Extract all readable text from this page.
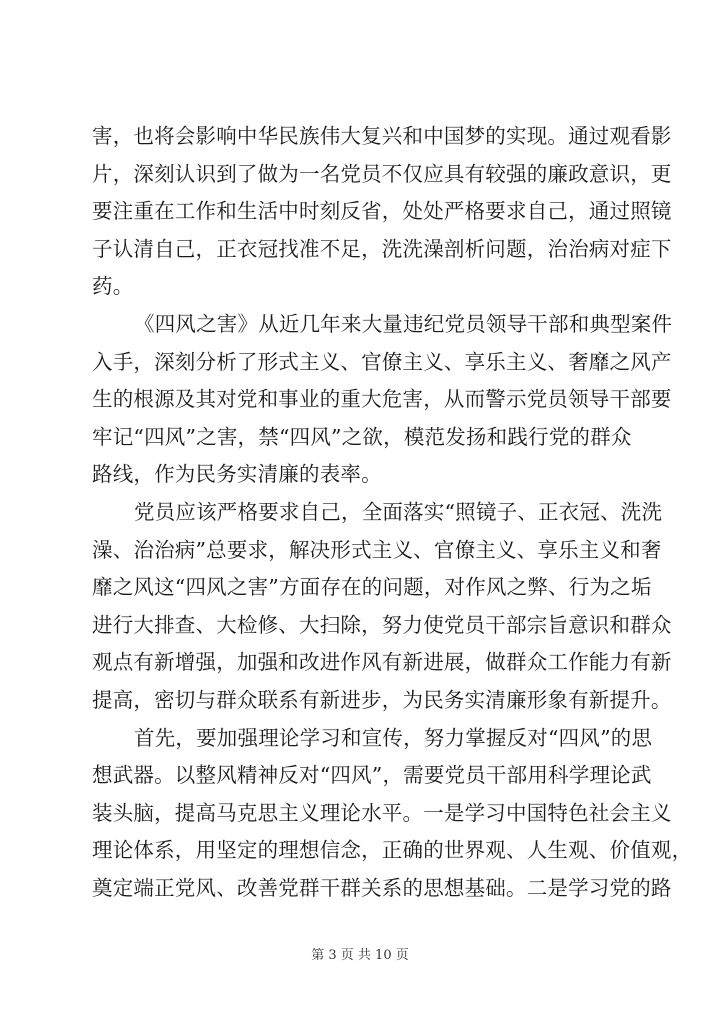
害，也将会影响中华民族伟大复兴和中国梦的实现。通过观看影
片，深刻认识到了做为一名党员不仅应具有较强的廉政意识，更
要注重在工作和生活中时刻反省，处处严格要求自己，通过照镜
子认清自己，正衣冠找准不足，洗洗澡剖析问题，治治病对症下
药。
《四风之害》从近几年来大量违纪党员领导干部和典型案件
入手，深刻分析了形式主义、官僚主义、享乐主义、奢靡之风产
生的根源及其对党和事业的重大危害，从而警示党员领导干部要
牢记“四风”之害，禁“四风”之欲，模范发扬和践行党的群众
路线，作为民务实清廉的表率。
党员应该严格要求自己，全面落实“照镜子、正衣冠、洗洗
澡、治治病”总要求，解决形式主义、官僚主义、享乐主义和奢
靡之风这“四风之害”方面存在的问题，对作风之弊、行为之垢
进行大排查、大检修、大扫除，努力使党员干部宗旨意识和群众
观点有新增强，加强和改进作风有新进展，做群众工作能力有新
提高，密切与群众联系有新进步，为民务实清廉形象有新提升。
首先，要加强理论学习和宣传，努力掌握反对“四风”的思
想武器。以整风精神反对“四风”，需要党员干部用科学理论武
装头脑，提高马克思主义理论水平。一是学习中国特色社会主义
理论体系，用坚定的理想信念，正确的世界观、人生观、价值观，
奠定端正党风、改善党群干群关系的思想基础。二是学习党的路
第 3 页 共 10 页
